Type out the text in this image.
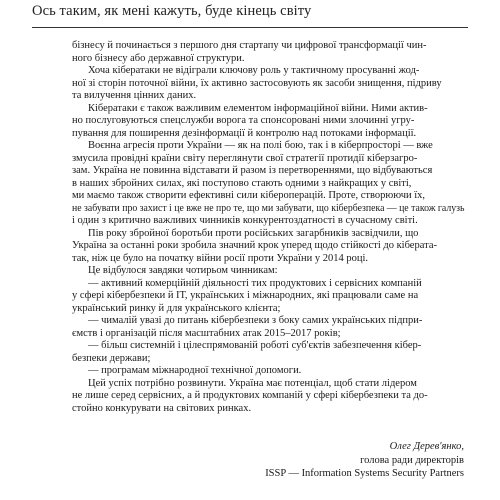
Ось таким, як мені кажуть, буде кінець світу
бізнесу й починається з першого дня стартапу чи цифрової трансформації чин-
ного бізнесу або державної структури.
Хоча кібератаки не відіграли ключову роль у тактичному просуванні жод-
ної зі сторін поточної війни, їх активно застосовують як засоби знищення, підриву
та вилучення цінних даних.
Кібератаки є також важливим елементом інформаційної війни. Ними актив-
но послуговуються спецслужби ворога та спонсоровані ними злочинні угру-
пування для поширення дезінформації й контролю над потоками інформації.
Воєнна агресія проти України — як на полі бою, так і в кіберпросторі — вже
змусила провідні країни світу переглянути свої стратегії протидії кіберзагро-
зам. Україна не повинна відставати й разом із перетвореннями, що відбуваються
в наших збройних силах, які поступово стають одними з найкращих у світі,
ми маємо також створити ефективні сили кібероперацій. Проте, створюючи їх,
не забувати про захист і це вже не про те, що ми забувати, що кібербезпека — це також галузь
і один з критично важливих чинників конкурентоздатності в сучасному світі.
Пів року збройної боротьби проти російських загарбників засвідчили, що
Україна за останні роки зробила значний крок уперед щодо стійкості до кіберата-
так, ніж це було на початку війни росії проти України у 2014 році.
Це відбулося завдяки чотирьом чинникам:
— активний комерційній діяльності тих продуктових і сервісних компаній
у сфері кібербезпеки й ІТ, українських і міжнародних, які працювали саме на
український ринку й для українського клієнта;
— чималій увазі до питань кібербезпеки з боку самих українських підпри-
ємств і організацій після масштабних атак 2015–2017 років;
— більш системній і цілеспрямованій роботі суб'єктів забезпечення кібер-
безпеки держави;
— програмам міжнародної технічної допомоги.
Цей успіх потрібно розвинути. Україна має потенціал, щоб стати лідером
не лише серед сервісних, а й продуктових компаній у сфері кібербезпеки та до-
стойно конкурувати на світових ринках.
Олег Дерев'янко,
голова ради директорів
ISSP — Information Systems Security Partners
